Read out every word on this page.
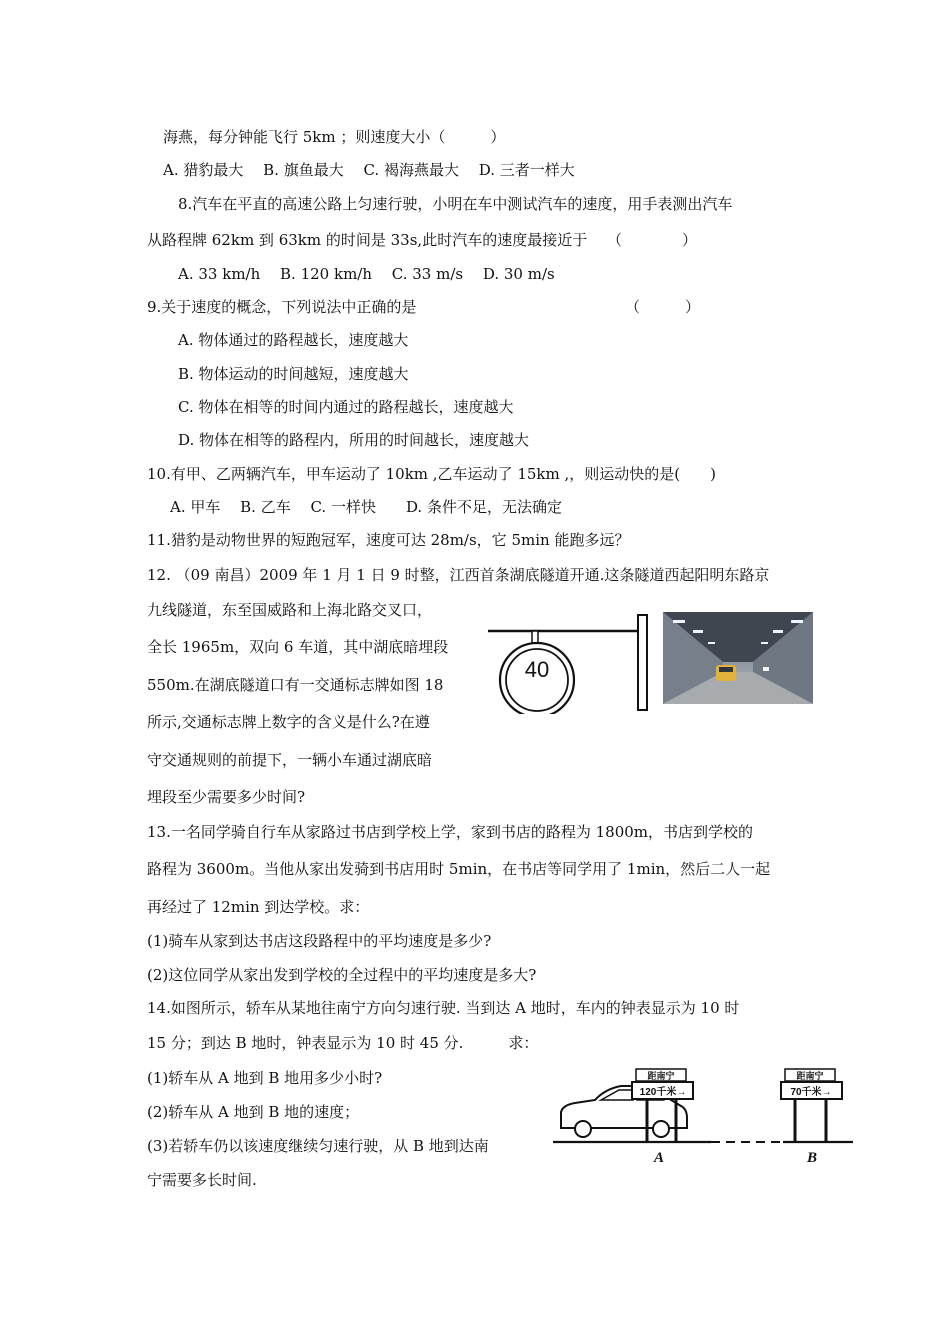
海燕，每分钟能飞行 5km ；则速度大小（　　　）
A. 猎豹最大　 B. 旗鱼最大　 C. 褐海燕最大　 D. 三者一样大
8.汽车在平直的高速公路上匀速行驶，小明在车中测试汽车的速度，用手表测出汽车
从路程牌 62km 到 63km 的时间是 33s,此时汽车的速度最接近于　 （　　　　）
A. 33 km/h　 B. 120 km/h　 C. 33 m/s　 D. 30 m/s
9.关于速度的概念，下列说法中正确的是	（　　　）
A. 物体通过的路程越长，速度越大
B. 物体运动的时间越短，速度越大
C. 物体在相等的时间内通过的路程越长，速度越大
D. 物体在相等的路程内，所用的时间越长，速度越大
10.有甲、乙两辆汽车，甲车运动了 10km ,乙车运动了 15km ,，则运动快的是(　　)
A. 甲车　 B. 乙车　 C. 一样快　　D. 条件不足，无法确定
11.猎豹是动物世界的短跑冠军，速度可达 28m/s，它 5min 能跑多远？
12. （09 南昌）2009 年 1 月 1 日 9 时整，江西首条湖底隧道开通.这条隧道西起阳明东路京
九线隧道，东至国威路和上海北路交叉口，
全长 1965m，双向 6 车道，其中湖底暗埋段
550m.在湖底隧道口有一交通标志牌如图 18
所示,交通标志牌上数字的含义是什么?在遵
守交通规则的前提下，一辆小车通过湖底暗
埋段至少需要多少时间?
40
13.一名同学骑自行车从家路过书店到学校上学，家到书店的路程为 1800m，书店到学校的
路程为 3600m。当他从家出发骑到书店用时 5min，在书店等同学用了 1min，然后二人一起
再经过了 12min 到达学校。求：
(1)骑车从家到达书店这段路程中的平均速度是多少?
(2)这位同学从家出发到学校的全过程中的平均速度是多大?
14.如图所示，轿车从某地往南宁方向匀速行驶. 当到达 A 地时，车内的钟表显示为 10 时
15 分；到达 B 地时，钟表显示为 10 时 45 分.　　　求：
(1)轿车从 A 地到 B 地用多少小时?
(2)轿车从 A 地到 B 地的速度；
(3)若轿车仍以该速度继续匀速行驶，从 B 地到达南
宁需要多长时间.
距南宁
120千米→
A
距南宁
70千米→
B
